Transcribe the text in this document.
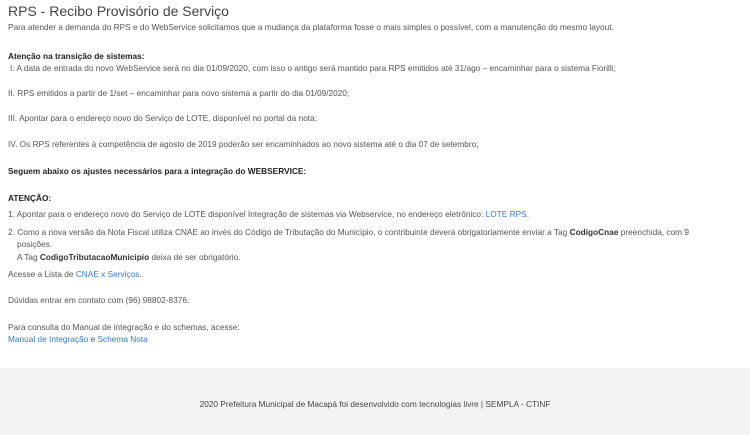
RPS - Recibo Provisório de Serviço
Para atender a demanda do RPS e do WebService solicitamos que a mudança da plataforma fosse o mais simples o possível, com a manutenção do mesmo layout.
Atenção na transição de sistemas:
I. A data de entrada do novo WebService será no dia 01/09/2020, com isso o antigo será mantido para RPS emitidos até 31/ago – encaminhar para o sistema Fiorilli;
II. RPS emitidos a partir de 1/set – encaminhar para novo sistema a partir do dia 01/09/2020;
III. Apontar para o endereço novo do Serviço de LOTE, disponível no portal da nota;
IV. Os RPS referentes à competência de agosto de 2019 poderão ser encaminhados ao novo sistema até o dia 07 de setembro;
Seguem abaixo os ajustes necessários para a integração do WEBSERVICE:
ATENÇÃO:
1. Apontar para o endereço novo do Serviço de LOTE disponível Integração de sistemas via Webservice, no endereço eletrônico: LOTE RPS.
2. Como a nova versão da Nota Fiscal utiliza CNAE ao invés do Código de Tributação do Município, o contribuinte deverá obrigatoriamente enviar a Tag CodigoCnae preenchida, com 9
posições.
A Tag CodigoTributacaoMunicipio deixa de ser obrigatório.
Acesse a Lista de CNAE x Serviços.
Dúvidas entrar em contato com (96) 98802-8376.
Para consulta do Manual de integração e do schemas, acesse:
Manual de Integração e Schema Nota
2020 Prefeitura Municipal de Macapá foi desenvolvido com tecnologias livre | SEMPLA - CTINF
